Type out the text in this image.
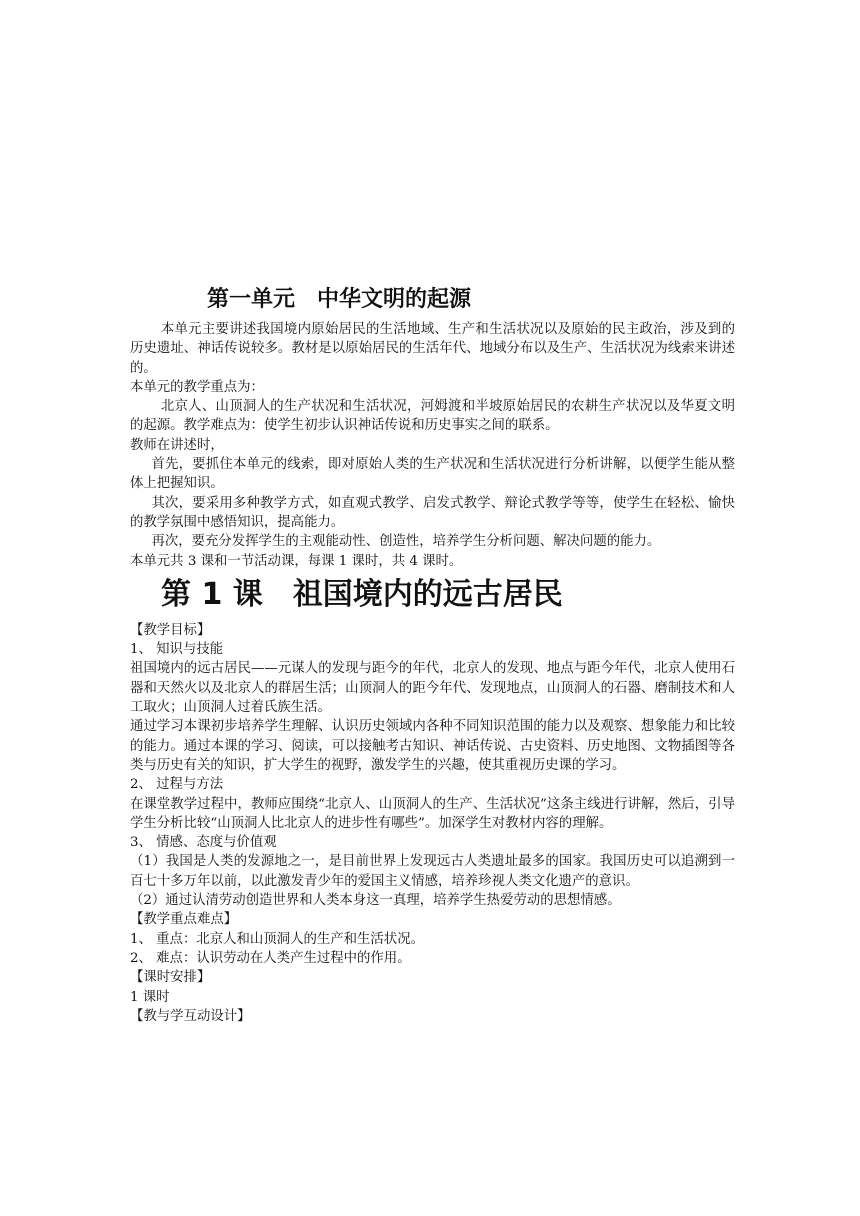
第一单元　中华文明的起源

本单元主要讲述我国境内原始居民的生活地域、生产和生活状况以及原始的民主政治，涉及到的历史遗址、神话传说较多。教材是以原始居民的生活年代、地域分布以及生产、生活状况为线索来讲述的。

本单元的教学重点为：

北京人、山顶洞人的生产状况和生活状况，河姆渡和半坡原始居民的农耕生产状况以及华夏文明的起源。教学难点为：使学生初步认识神话传说和历史事实之间的联系。

教师在讲述时，

首先，要抓住本单元的线索，即对原始人类的生产状况和生活状况进行分析讲解，以便学生能从整体上把握知识。

其次，要采用多种教学方式，如直观式教学、启发式教学、辩论式教学等等，使学生在轻松、愉快的教学氛围中感悟知识，提高能力。

再次，要充分发挥学生的主观能动性、创造性，培养学生分析问题、解决问题的能力。

本单元共 3 课和一节活动课，每课 1 课时，共 4 课时。

第 1 课　祖国境内的远古居民

【教学目标】

1、 知识与技能

祖国境内的远古居民——元谋人的发现与距今的年代，北京人的发现、地点与距今年代，北京人使用石器和天然火以及北京人的群居生活；山顶洞人的距今年代、发现地点，山顶洞人的石器、磨制技术和人工取火；山顶洞人过着氏族生活。

通过学习本课初步培养学生理解、认识历史领域内各种不同知识范围的能力以及观察、想象能力和比较的能力。通过本课的学习、阅读，可以接触考古知识、神话传说、古史资料、历史地图、文物插图等各类与历史有关的知识，扩大学生的视野，激发学生的兴趣，使其重视历史课的学习。

2、 过程与方法

在课堂教学过程中，教师应围绕“北京人、山顶洞人的生产、生活状况”这条主线进行讲解，然后，引导学生分析比较“山顶洞人比北京人的进步性有哪些”。加深学生对教材内容的理解。

3、 情感、态度与价值观

（1）我国是人类的发源地之一，是目前世界上发现远古人类遗址最多的国家。我国历史可以追溯到一百七十多万年以前，以此激发青少年的爱国主义情感，培养珍视人类文化遗产的意识。

（2）通过认清劳动创造世界和人类本身这一真理，培养学生热爱劳动的思想情感。

【教学重点难点】

1、 重点：北京人和山顶洞人的生产和生活状况。

2、 难点：认识劳动在人类产生过程中的作用。

【课时安排】

1 课时

【教与学互动设计】
